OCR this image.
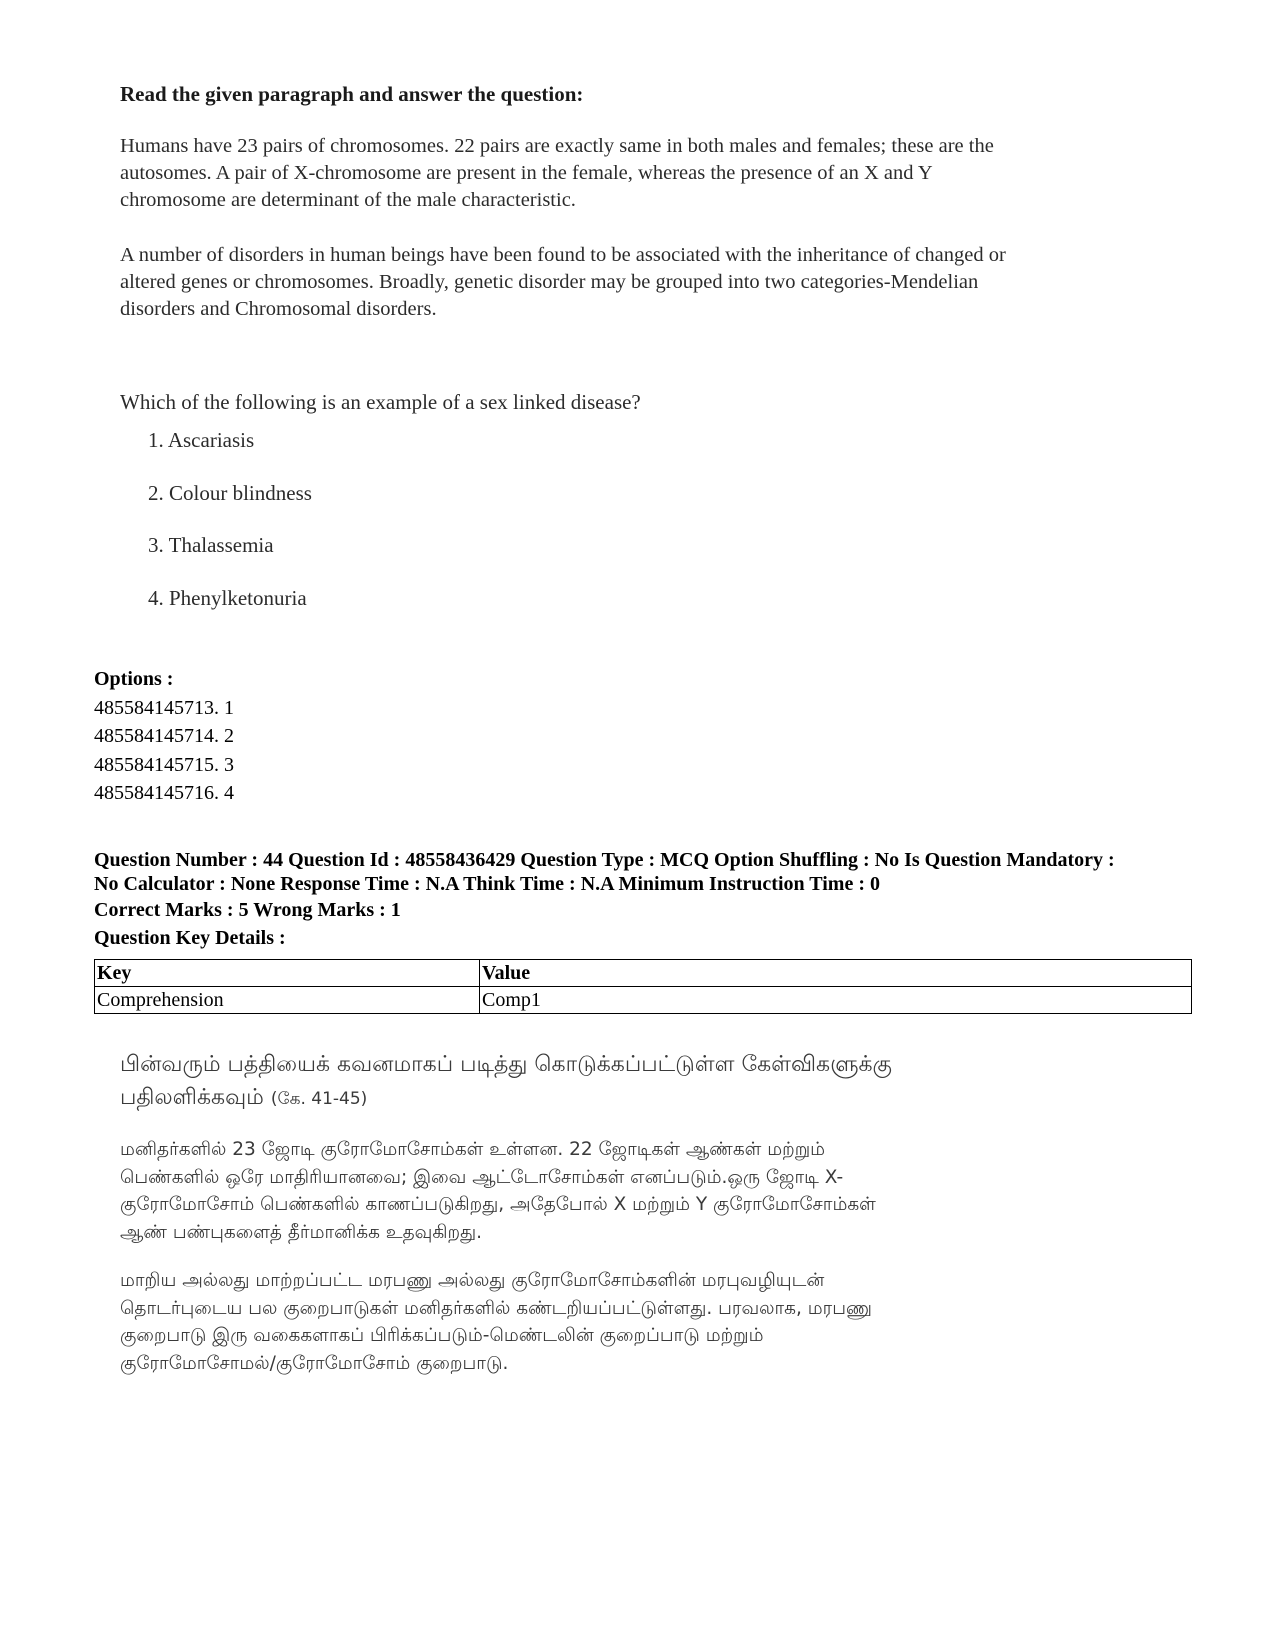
Read the given paragraph and answer the question:
Humans have 23 pairs of chromosomes. 22 pairs are exactly same in both males and females; these are the
autosomes. A pair of X-chromosome are present in the female, whereas the presence of an X and Y
chromosome are determinant of the male characteristic.
A number of disorders in human beings have been found to be associated with the inheritance of changed or
altered genes or chromosomes. Broadly, genetic disorder may be grouped into two categories-Mendelian
disorders and Chromosomal disorders.
Which of the following is an example of a sex linked disease?
1. Ascariasis
2. Colour blindness
3. Thalassemia
4. Phenylketonuria
Options :
485584145713. 1
485584145714. 2
485584145715. 3
485584145716. 4
Question Number : 44 Question Id : 48558436429 Question Type : MCQ Option Shuffling : No Is Question Mandatory :
No Calculator : None Response Time : N.A Think Time : N.A Minimum Instruction Time : 0
Correct Marks : 5 Wrong Marks : 1
Question Key Details :
Key	Value
Comprehension	Comp1
பின்வரும் பத்தியைக் கவனமாகப் படித்து கொடுக்கப்பட்டுள்ள கேள்விகளுக்கு
பதிலளிக்கவும் (கே. 41-45)
மனிதர்களில் 23 ஜோடி குரோமோசோம்கள் உள்ளன. 22 ஜோடிகள் ஆண்கள் மற்றும்
பெண்களில் ஒரே மாதிரியானவை; இவை ஆட்டோசோம்கள் எனப்படும்.ஒரு ஜோடி X-
குரோமோசோம் பெண்களில் காணப்படுகிறது, அதேபோல் X மற்றும் Y குரோமோசோம்கள்
ஆண் பண்புகளைத் தீர்மானிக்க உதவுகிறது.
மாறிய அல்லது மாற்றப்பட்ட மரபணு அல்லது குரோமோசோம்களின் மரபுவழியுடன்
தொடர்புடைய பல குறைபாடுகள் மனிதர்களில் கண்டறியப்பட்டுள்ளது. பரவலாக, மரபணு
குறைபாடு இரு வகைகளாகப் பிரிக்கப்படும்-மெண்டலின் குறைப்பாடு மற்றும்
குரோமோசோமல்/குரோமோசோம் குறைபாடு.
